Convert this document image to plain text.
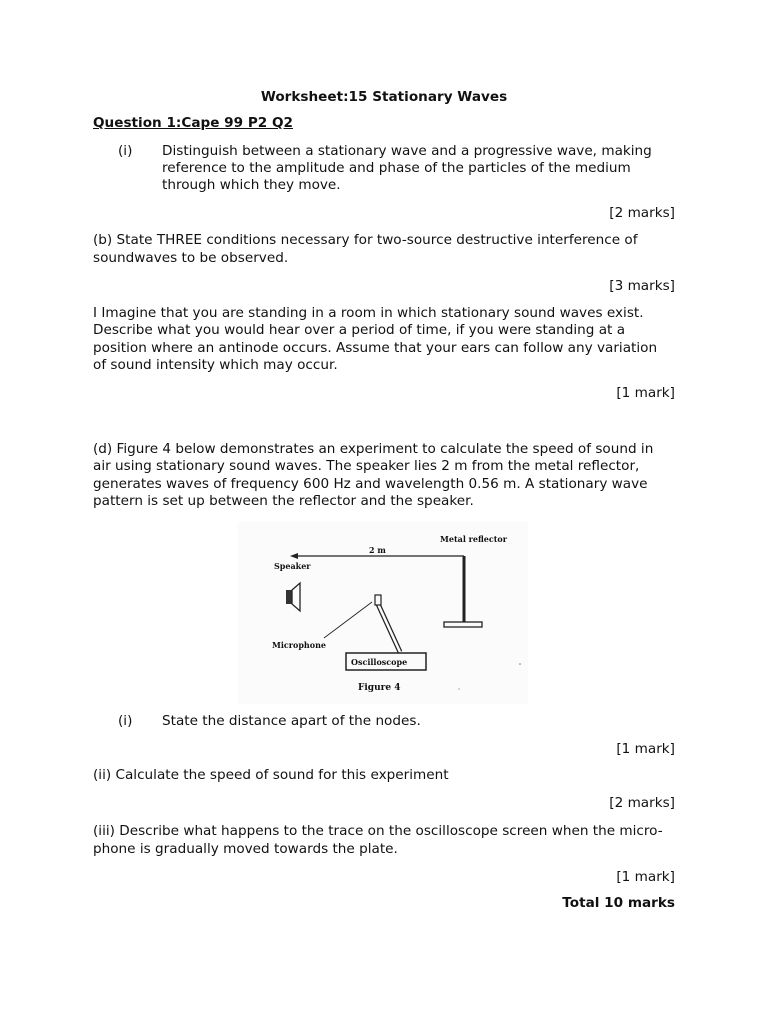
Worksheet:15 Stationary Waves
Question 1:Cape 99 P2 Q2
(i) Distinguish between a stationary wave and a progressive wave, making
reference to the amplitude and phase of the particles of the medium
through which they move.
[2 marks]
(b) State THREE conditions necessary for two-source destructive interference of
soundwaves to be observed.
[3 marks]
I Imagine that you are standing in a room in which stationary sound waves exist.
Describe what you would hear over a period of time, if you were standing at a
position where an antinode occurs. Assume that your ears can follow any variation
of sound intensity which may occur.
[1 mark]
(d) Figure 4 below demonstrates an experiment to calculate the speed of sound in
air using stationary sound waves. The speaker lies 2 m from the metal reflector,
generates waves of frequency 600 Hz and wavelength 0.56 m. A stationary wave
pattern is set up between the reflector and the speaker.
Metal reflector
2 m
Speaker
Microphone
Oscilloscope
Figure 4
(i) State the distance apart of the nodes.
[1 mark]
(ii) Calculate the speed of sound for this experiment
[2 marks]
(iii) Describe what happens to the trace on the oscilloscope screen when the micro-
phone is gradually moved towards the plate.
[1 mark]
Total 10 marks
